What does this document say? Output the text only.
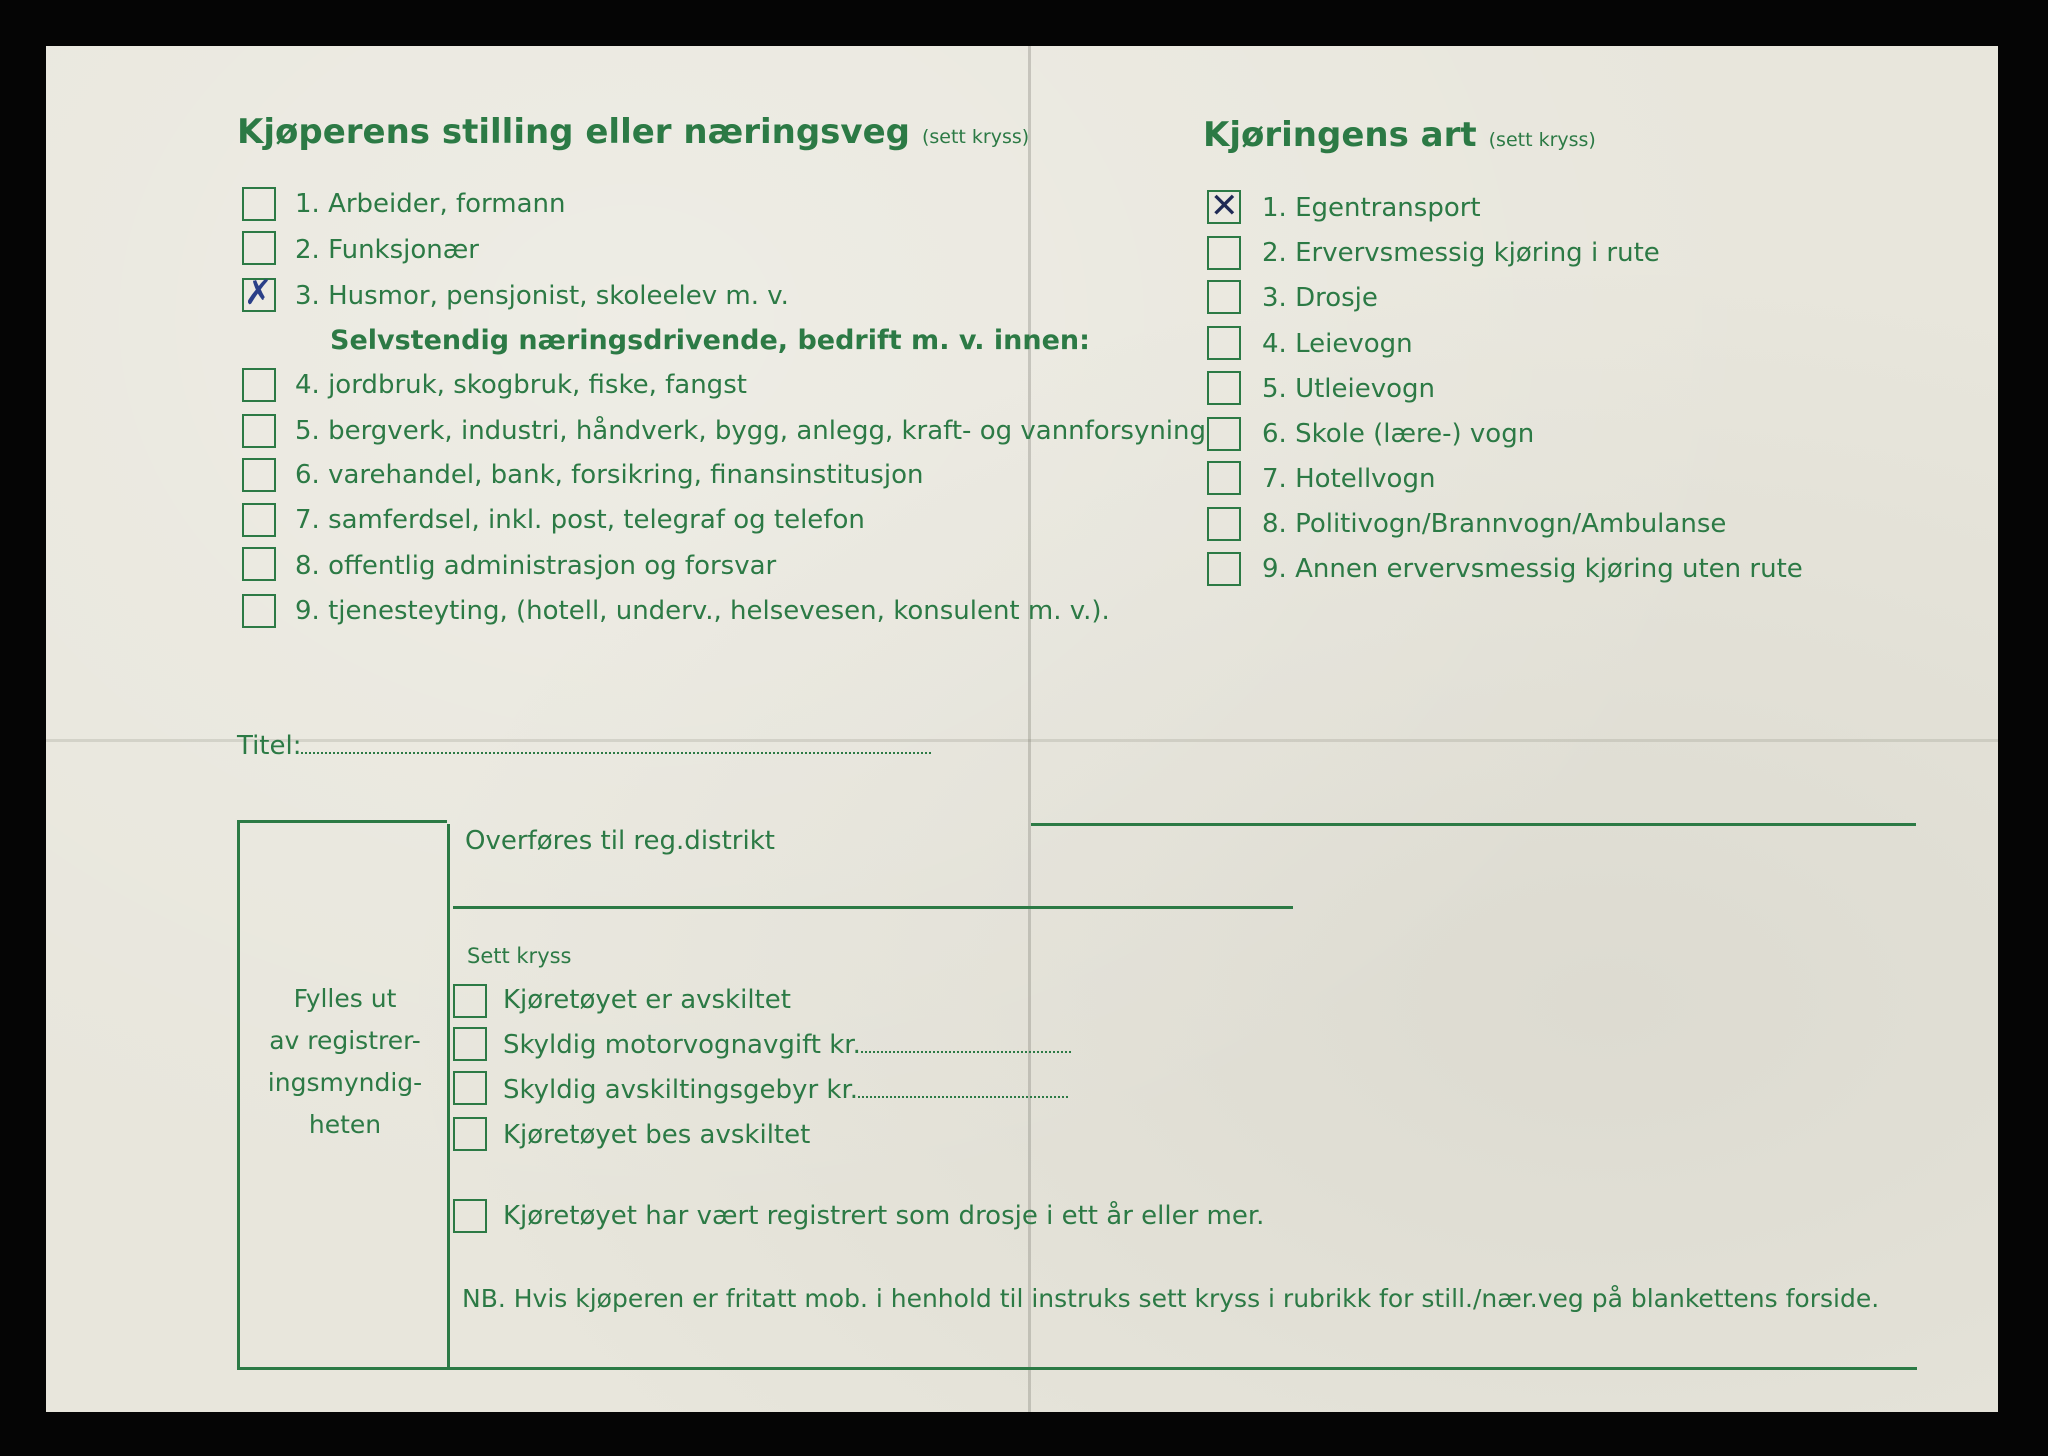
Kjøperens stilling eller næringsveg (sett kryss)
1. Arbeider, formann
2. Funksjonær
✗ 3. Husmor, pensjonist, skoleelev m. v.
Selvstendig næringsdrivende, bedrift m. v. innen:
4. jordbruk, skogbruk, fiske, fangst
5. bergverk, industri, håndverk, bygg, anlegg, kraft- og vannforsyning
6. varehandel, bank, forsikring, finansinstitusjon
7. samferdsel, inkl. post, telegraf og telefon
8. offentlig administrasjon og forsvar
9. tjenesteyting, (hotell, underv., helsevesen, konsulent m. v.).
Titel:
Kjøringens art (sett kryss)
✕ 1. Egentransport
2. Ervervsmessig kjøring i rute
3. Drosje
4. Leievogn
5. Utleievogn
6. Skole (lære-) vogn
7. Hotellvogn
8. Politivogn/Brannvogn/Ambulanse
9. Annen ervervsmessig kjøring uten rute
Fylles ut
av registrer-
ingsmyndig-
heten
Overføres til reg.distrikt
Sett kryss
Kjøretøyet er avskiltet
Skyldig motorvognavgift kr.
Skyldig avskiltingsgebyr kr.
Kjøretøyet bes avskiltet
Kjøretøyet har vært registrert som drosje i ett år eller mer.
NB. Hvis kjøperen er fritatt mob. i henhold til instruks sett kryss i rubrikk for still./nær.veg på blankettens forside.
